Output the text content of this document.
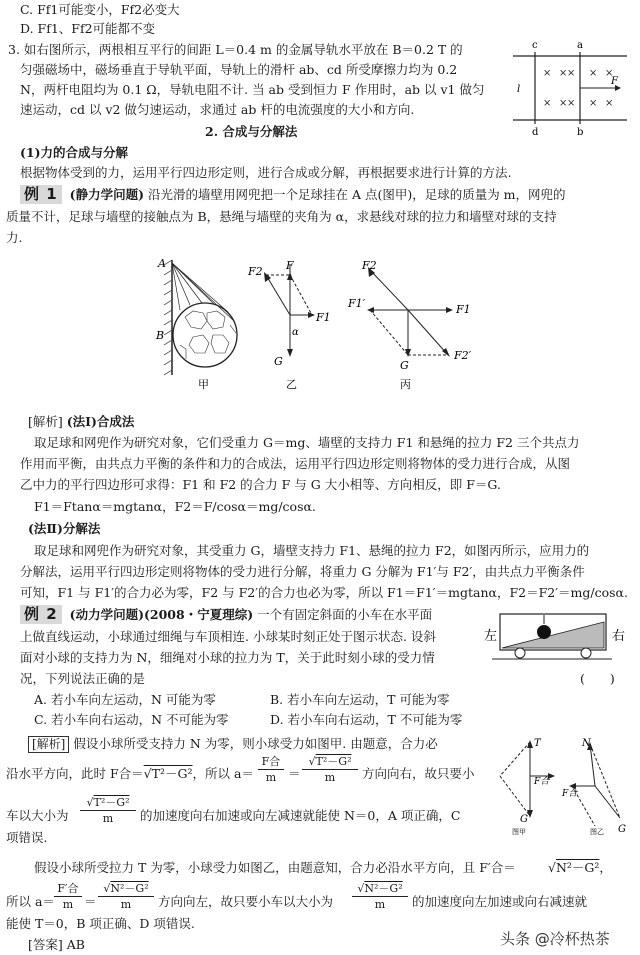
C. Ff1可能变小，Ff2必变大
D. Ff1、Ff2可能都不变
3. 如右图所示，两根相互平行的间距 L＝0.4 m 的金属导轨水平放在 B＝0.2 T 的
匀强磁场中，磁场垂直于导轨平面，导轨上的滑杆 ab、cd 所受摩擦力均为 0.2
N，两杆电阻均为 0.1 Ω，导轨电阻不计. 当 ab 受到恒力 F 作用时，ab 以 v1 做匀
速运动，cd 以 v2 做匀速运动，求通过 ab 杆的电流强度的大小和方向.
c	a
d	b
l
F
× × × × ×
× × × × ×
2. 合成与分解法
(1)力的合成与分解
根据物体受到的力，运用平行四边形定则，进行合成或分解，再根据要求进行计算的方法.
例 1 (静力学问题) 沿光滑的墙壁用网兜把一个足球挂在 A 点(图甲)，足球的质量为 m，网兜的
质量不计，足球与墙壁的接触点为 B，悬绳与墙壁的夹角为 α，求悬线对球的拉力和墙壁对球的支持
力.
A
B
甲
F2 F
F1
G
α
乙
F2
F1′	F1
F2′
G
丙
[解析] (法Ⅰ)合成法
取足球和网兜作为研究对象，它们受重力 G＝mg、墙壁的支持力 F1 和悬绳的拉力 F2 三个共点力
作用而平衡，由共点力平衡的条件和力的合成法，运用平行四边形定则将物体的受力进行合成，从图
乙中力的平行四边形可求得：F1 和 F2 的合力 F 与 G 大小相等、方向相反，即 F＝G.
F1＝Ftanα＝mgtanα，F2＝F/cosα＝mg/cosα.
(法Ⅱ)分解法
取足球和网兜作为研究对象，其受重力 G，墙壁支持力 F1、悬绳的拉力 F2，如图丙所示，应用力的
分解法，运用平行四边形定则将物体的受力进行分解，将重力 G 分解为 F1′与 F2′，由共点力平衡条件
可知，F1 与 F1′的合力必为零，F2 与 F2′的合力也必为零，所以 F1＝F1′＝mgtanα，F2＝F2′＝mg/cosα.
例 2 (动力学问题)(2008・宁夏理综) 一个有固定斜面的小车在水平面
上做直线运动，小球通过细绳与车顶相连. 小球某时刻正处于图示状态. 设斜
面对小球的支持力为 N，细绳对小球的拉力为 T，关于此时刻小球的受力情
况，下列说法正确的是	(　　)
左	右
A. 若小车向左运动，N 可能为零	B. 若小车向左运动，T 可能为零
C. 若小车向右运动，N 不可能为零	D. 若小车向右运动，T 不可能为零
[解析] 假设小球所受支持力 N 为零，则小球受力如图甲. 由题意，合力必
沿水平方向，此时 F合＝√T²－G²，所以 a＝
F合
m ＝
√T²－G²
m	方向向右，故只要小
车以大小为
√T²－G²
m	的加速度向右加速或向左减速就能使 N＝0，A 项正确，C
项错误.
T
F合
G
图甲
N
F合
G
图乙
假设小球所受拉力 T 为零，小球受力如图乙，由题意知，合力必沿水平方向，且 F′合＝	√N²－G²，
所以 a＝
F′合
m ＝
√N²－G²
m	方向向左，故只要小车以大小为
√N²－G²
m	的加速度向左加速或向右减速就
能使 T＝0，B 项正确、D 项错误.
[答案] AB	头条 @冷杯热茶
